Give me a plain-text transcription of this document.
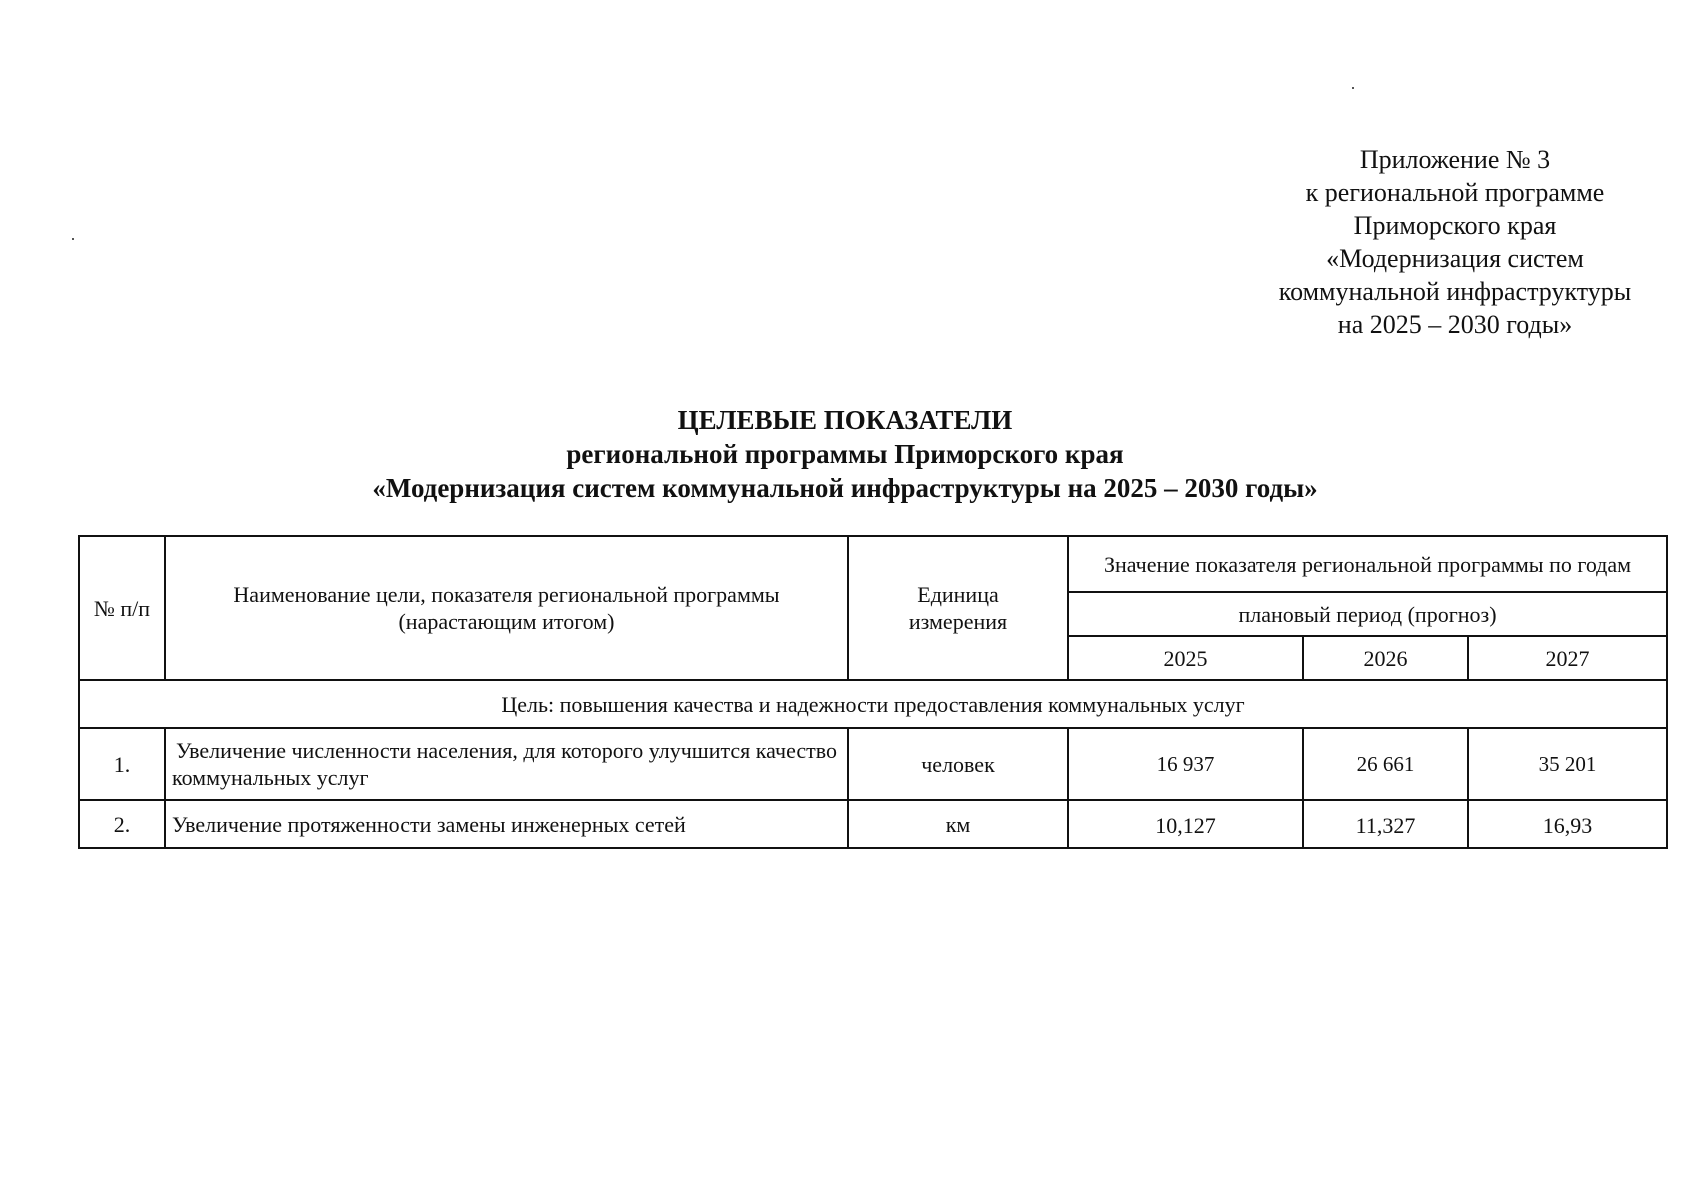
Приложение № 3
к региональной программе
Приморского края
«Модернизация систем
коммунальной инфраструктуры
на 2025 – 2030 годы»
ЦЕЛЕВЫЕ ПОКАЗАТЕЛИ
региональной программы Приморского края
«Модернизация систем коммунальной инфраструктуры на 2025 – 2030 годы»
№ п/п	Наименование цели, показателя региональной программы (нарастающим итогом)	Единица измерения	Значение показателя региональной программы по годам		
			плановый период (прогноз)		
			2025	2026	2027
Цель: повышения качества и надежности предоставления коммунальных услуг					
1.	Увеличение численности населения, для которого улучшится качество коммунальных услуг	человек	16 937	26 661	35 201
2.	Увеличение протяженности замены инженерных сетей	км	10,127	11,327	16,93
